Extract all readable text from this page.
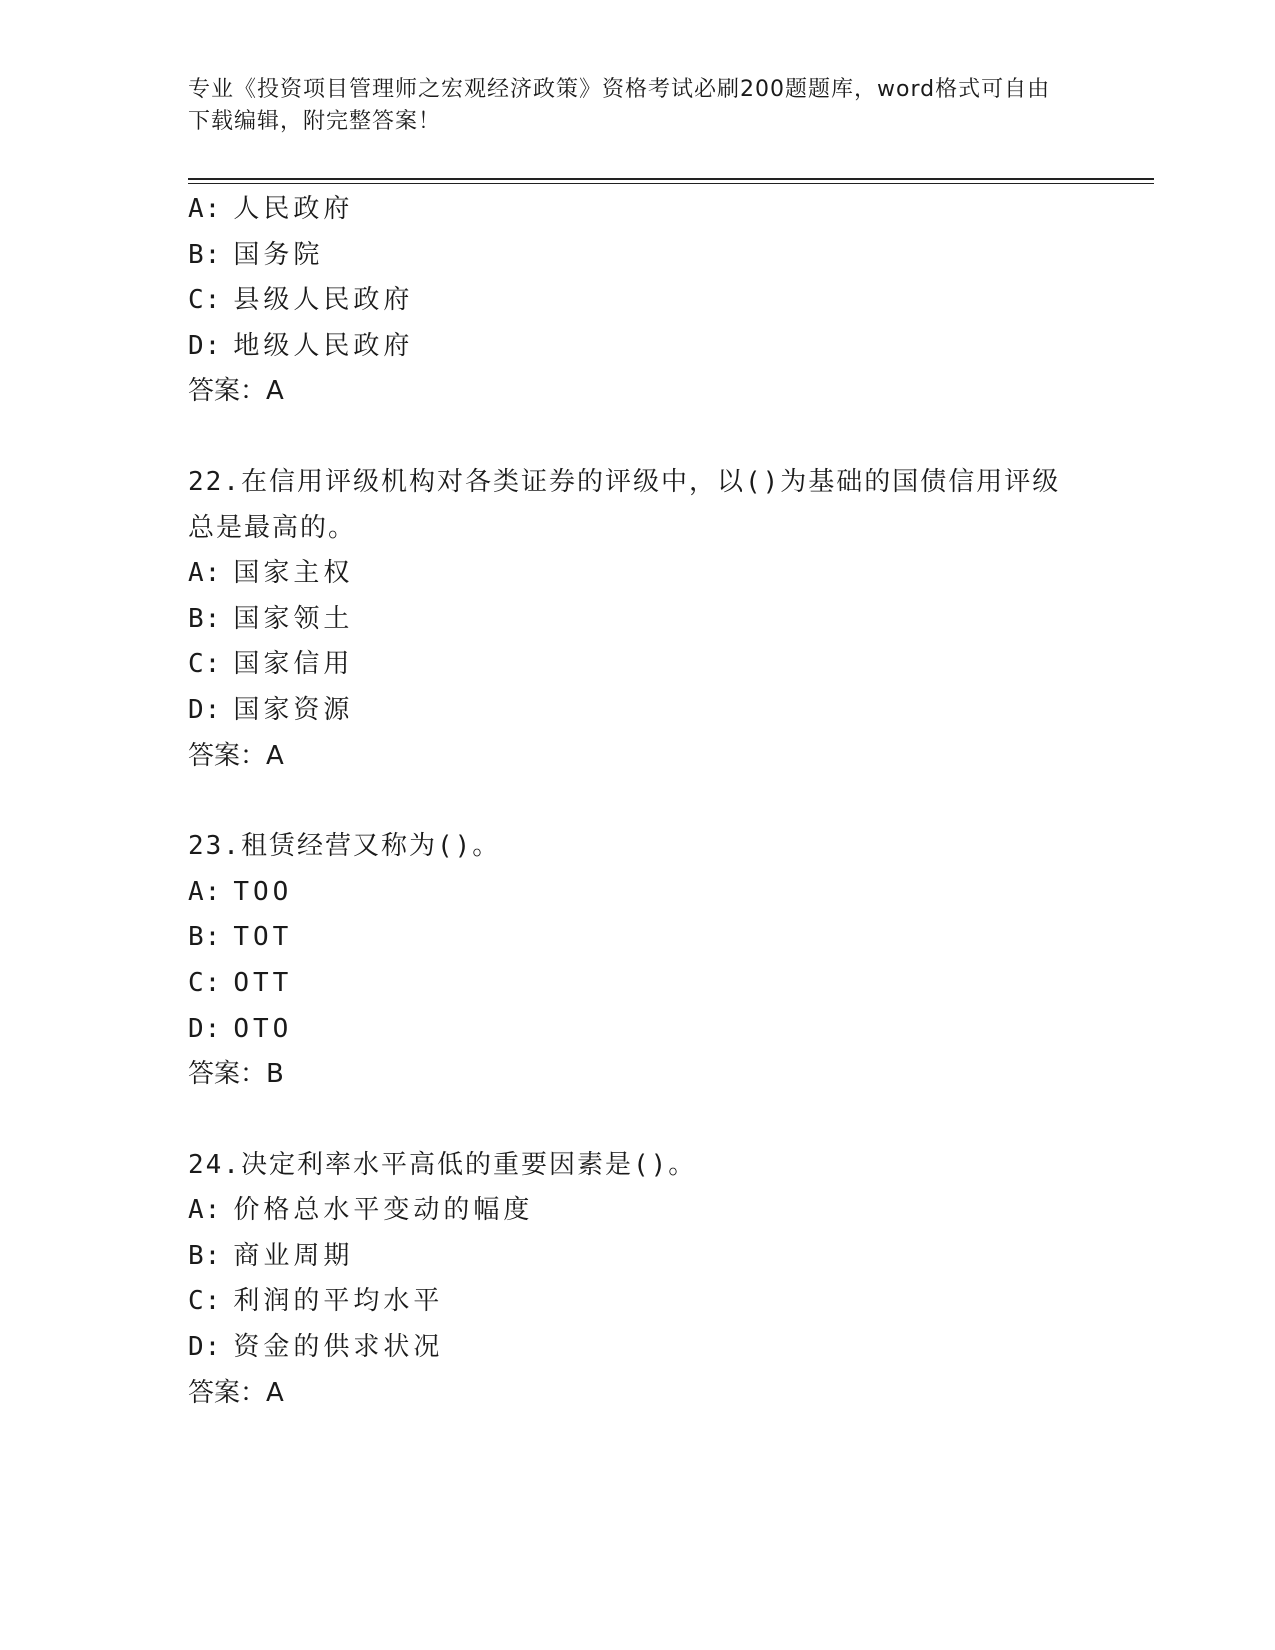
专业《投资项目管理师之宏观经济政策》资格考试必刷200题题库，word格式可自由下载编辑，附完整答案！
A: 人民政府
B: 国务院
C: 县级人民政府
D: 地级人民政府
答案：A
22.在信用评级机构对各类证券的评级中，以()为基础的国债信用评级总是最高的。
A: 国家主权
B: 国家领土
C: 国家信用
D: 国家资源
答案：A
23.租赁经营又称为()。
A: TOO
B: TOT
C: OTT
D: OTO
答案：B
24.决定利率水平高低的重要因素是()。
A: 价格总水平变动的幅度
B: 商业周期
C: 利润的平均水平
D: 资金的供求状况
答案：A
